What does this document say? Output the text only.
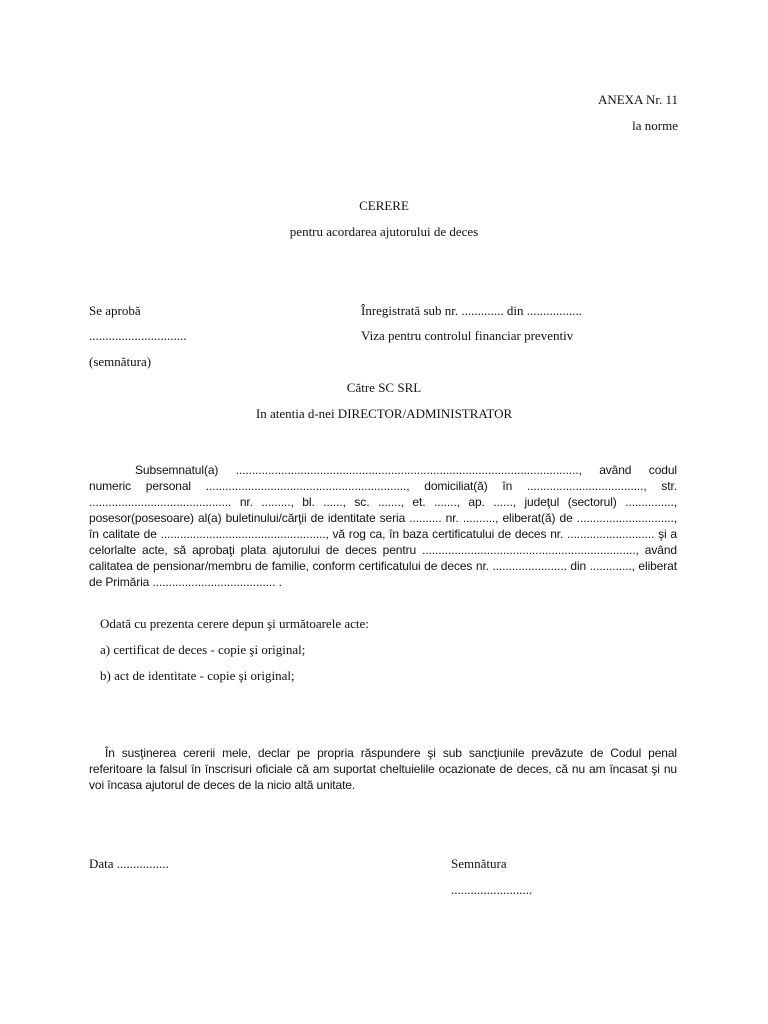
ANEXA Nr. 11
la norme
CERERE
pentru acordarea ajutorului de deces
Se aprobă
..............................
(semnătura)
Înregistrată sub nr. ............. din .................
Viza pentru controlul financiar preventiv
Către SC SRL
In atentia d-nei DIRECTOR/ADMINISTRATOR

Subsemnatul(a) .........................................................................................................., având codul numeric personal .............................................................., domiciliat(ă) în ...................................., str. ............................................ nr. ........., bl. ......, sc. ......., et. ......., ap. ......, judeţul (sectorul) ..............., posesor(posesoare) al(a) buletinului/cărţii de identitate seria .......... nr. .........., eliberat(ă) de .............................., în calitate de ..................................................., vă rog ca, în baza certificatului de deces nr. ........................... şi a celorlalte acte, să aprobaţi plata ajutorului de deces pentru .................................................................., având calitatea de pensionar/membru de familie, conform certificatului de deces nr. ....................... din ............., eliberat de Primăria ...................................... .

Odată cu prezenta cerere depun şi următoarele acte:
a) certificat de deces - copie şi original;
b) act de identitate - copie şi original;

În susţinerea cererii mele, declar pe propria răspundere şi sub sancţiunile prevăzute de Codul penal referitoare la falsul în înscrisuri oficiale că am suportat cheltuielile ocazionate de deces, că nu am încasat şi nu voi încasa ajutorul de deces de la nicio altă unitate.

Data ................	Semnătura
.........................
